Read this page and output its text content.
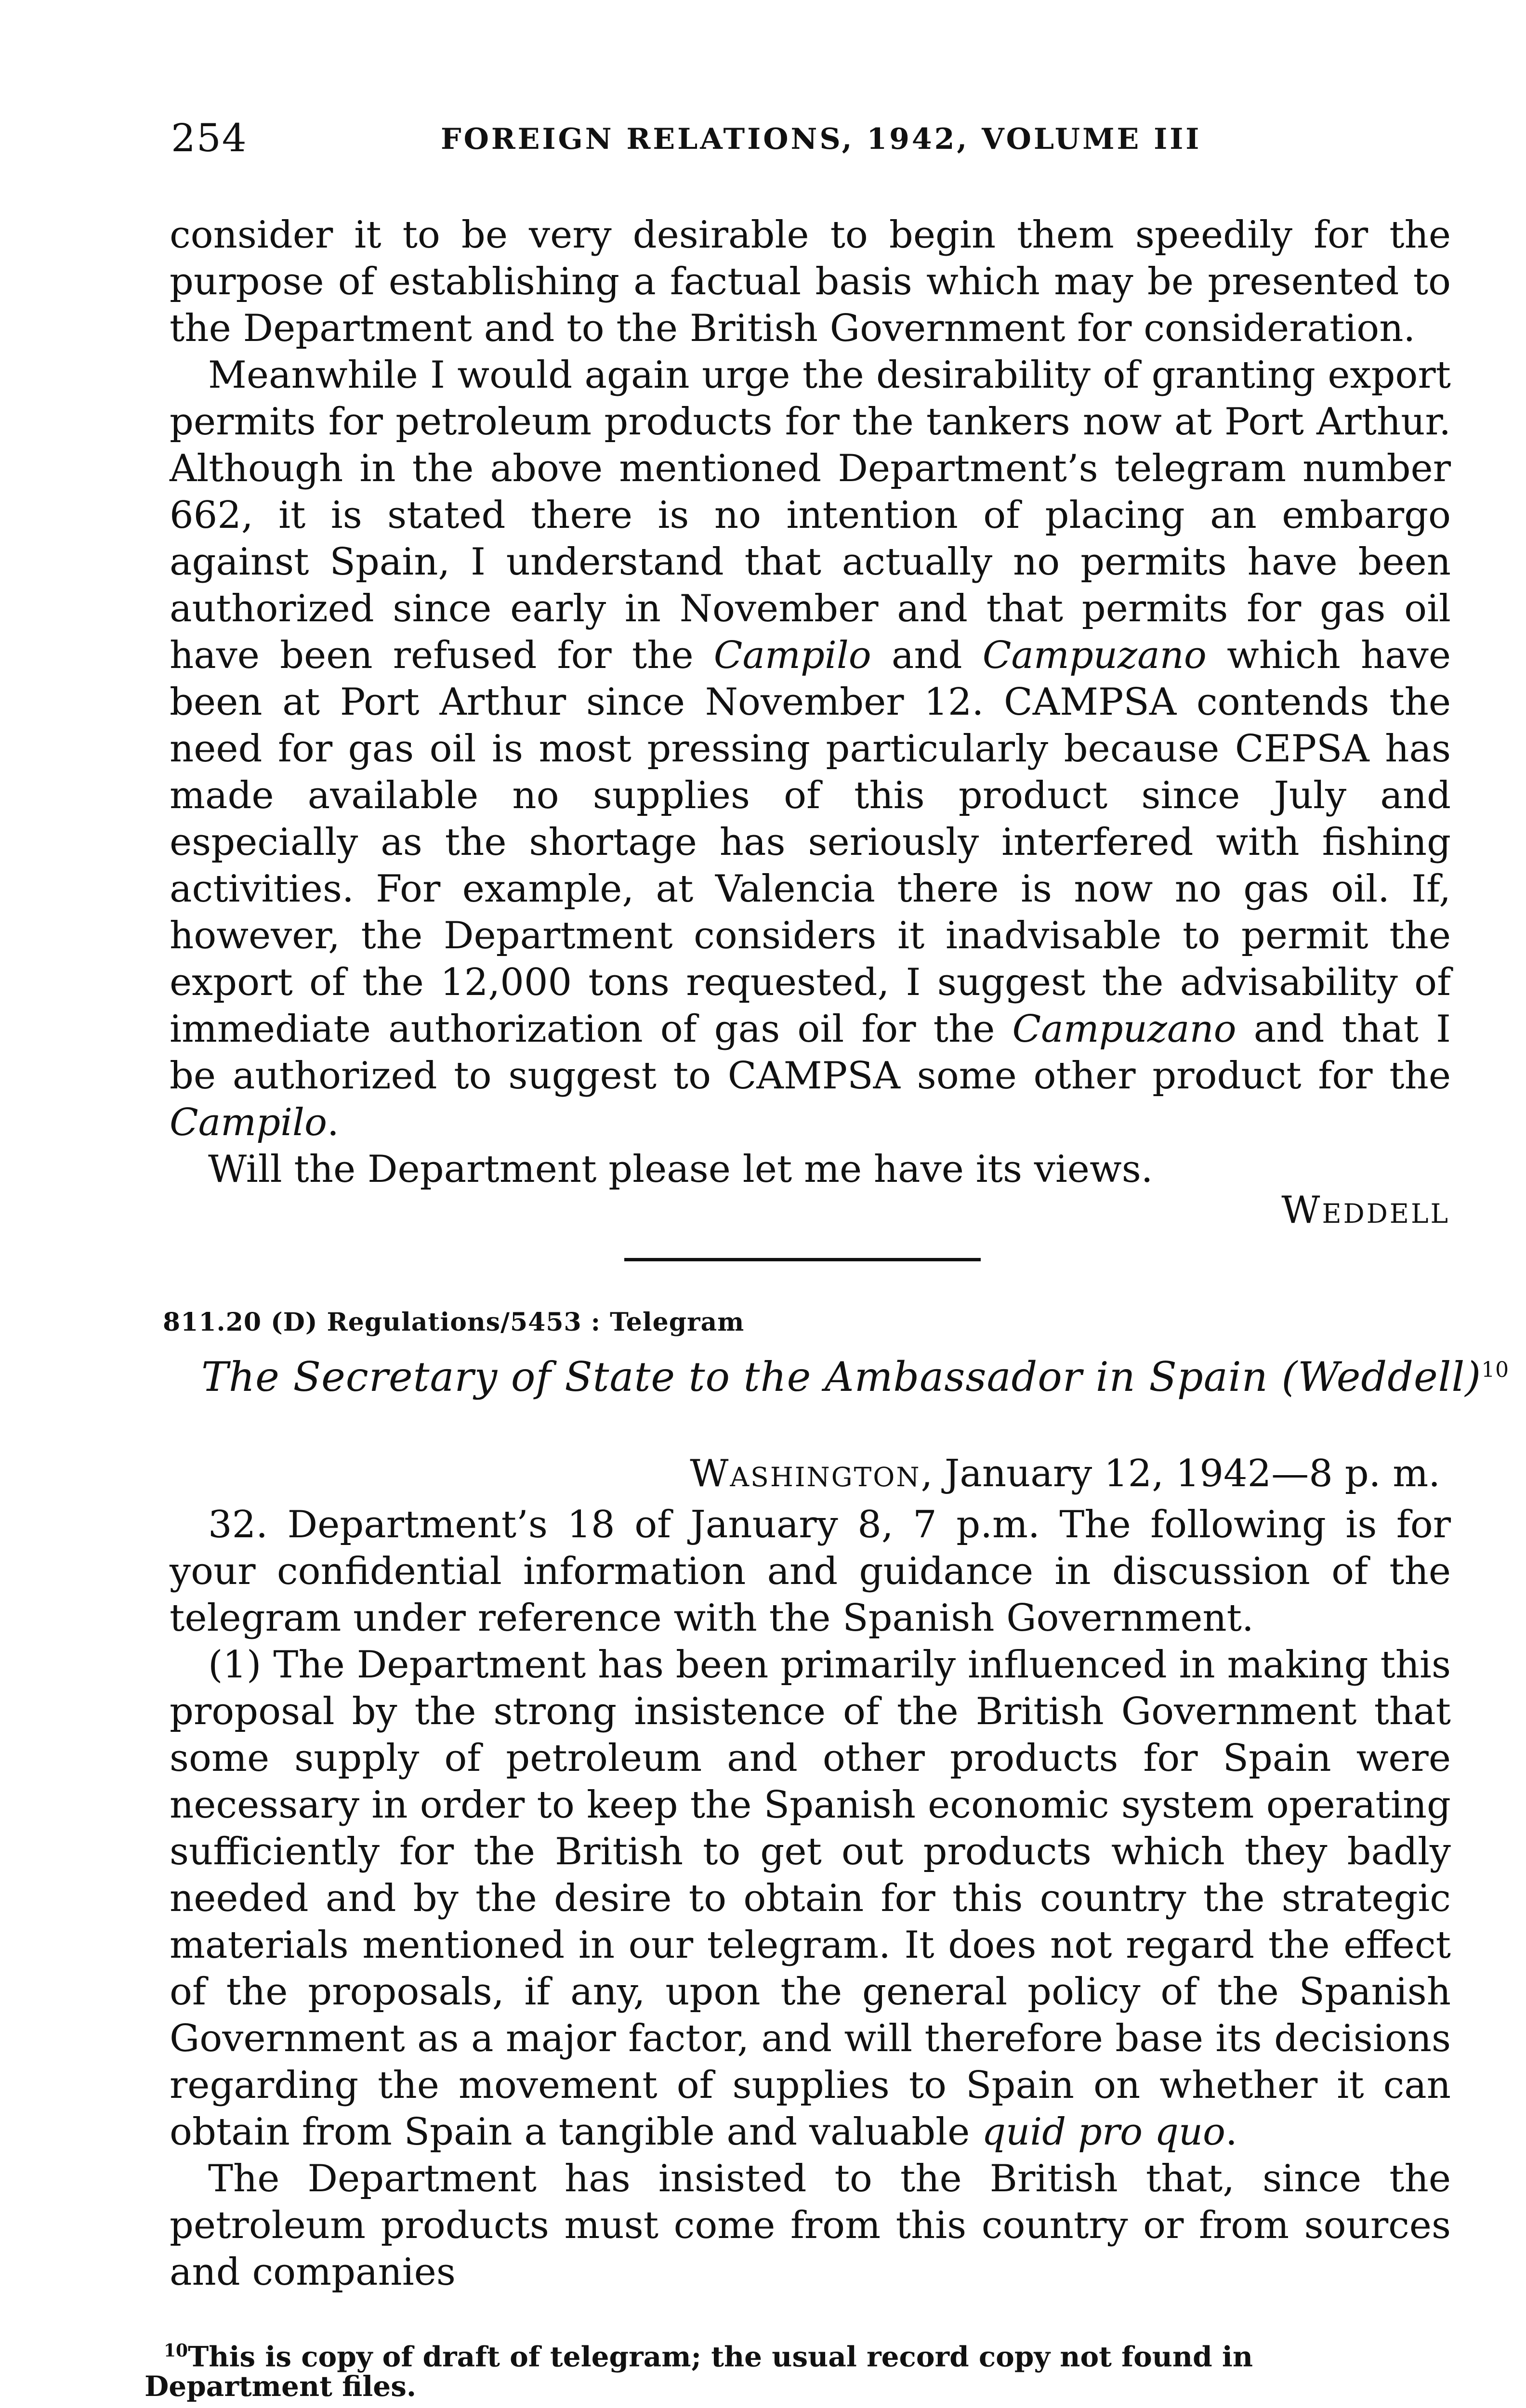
254	FOREIGN RELATIONS, 1942, VOLUME III

consider it to be very desirable to begin them speedily for the purpose of establishing a factual basis which may be presented to the Department and to the British Government for consideration.

Meanwhile I would again urge the desirability of granting export permits for petroleum products for the tankers now at Port Arthur. Although in the above mentioned Department’s telegram number 662, it is stated there is no intention of placing an embargo against Spain, I understand that actually no permits have been authorized since early in November and that permits for gas oil have been refused for the Campilo and Campuzano which have been at Port Arthur since November 12. CAMPSA contends the need for gas oil is most pressing particularly because CEPSA has made available no supplies of this product since July and especially as the shortage has seriously interfered with fishing activities. For example, at Valencia there is now no gas oil. If, however, the Department considers it inadvisable to permit the export of the 12,000 tons requested, I suggest the advisability of immediate authorization of gas oil for the Campuzano and that I be authorized to suggest to CAMPSA some other product for the Campilo.

Will the Department please let me have its views.

Weddell
811.20 (D) Regulations/5453 : Telegram
The Secretary of State to the Ambassador in Spain (Weddell)$^{10}$
Washington, January 12, 1942—8 p. m.

32. Department’s 18 of January 8, 7 p.m. The following is for your confidential information and guidance in discussion of the telegram under reference with the Spanish Government.

(1) The Department has been primarily influenced in making this proposal by the strong insistence of the British Government that some supply of petroleum and other products for Spain were necessary in order to keep the Spanish economic system operating sufficiently for the British to get out products which they badly needed and by the desire to obtain for this country the strategic materials mentioned in our telegram. It does not regard the effect of the proposals, if any, upon the general policy of the Spanish Government as a major factor, and will therefore base its decisions regarding the movement of supplies to Spain on whether it can obtain from Spain a tangible and valuable quid pro quo.

The Department has insisted to the British that, since the petroleum products must come from this country or from sources and companies

$^{10}$This is copy of draft of telegram; the usual record copy not found in Department files.
